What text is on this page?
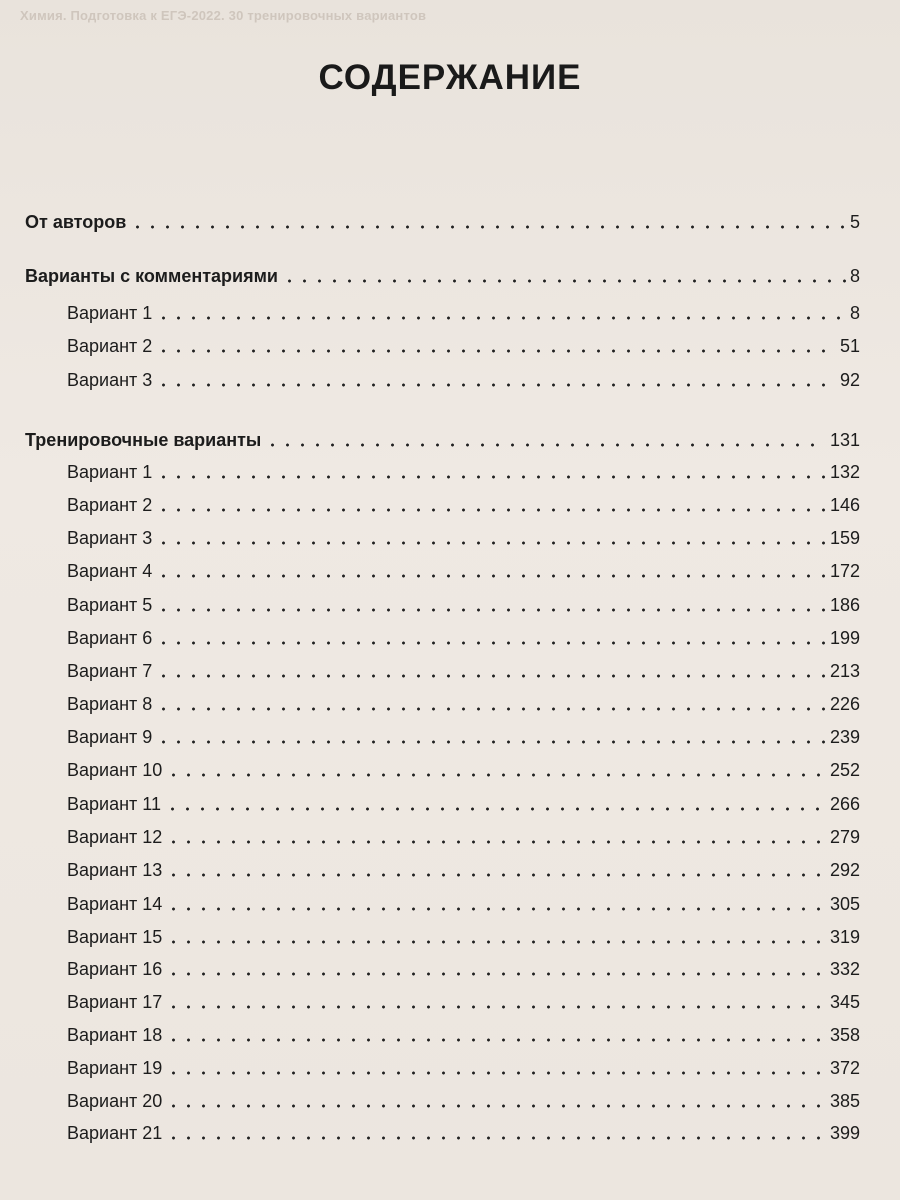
Химия. Подготовка к ЕГЭ-2022. 30 тренировочных вариантов
СОДЕРЖАНИЕ
От авторов	5
Варианты с комментариями	8
Вариант 1	8
Вариант 2	51
Вариант 3	92
Тренировочные варианты	131
Вариант 1	132
Вариант 2	146
Вариант 3	159
Вариант 4	172
Вариант 5	186
Вариант 6	199
Вариант 7	213
Вариант 8	226
Вариант 9	239
Вариант 10	252
Вариант 11	266
Вариант 12	279
Вариант 13	292
Вариант 14	305
Вариант 15	319
Вариант 16	332
Вариант 17	345
Вариант 18	358
Вариант 19	372
Вариант 20	385
Вариант 21	399
